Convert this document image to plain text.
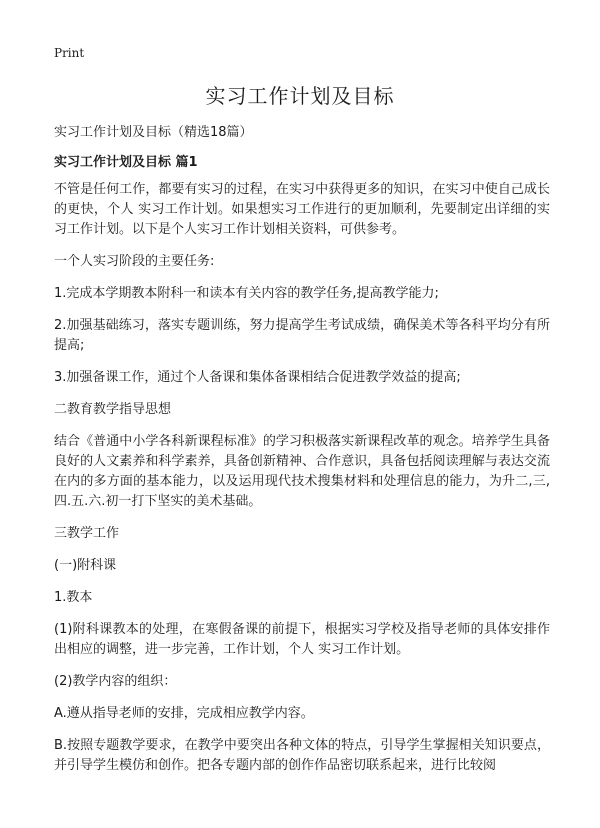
Print
实习工作计划及目标

实习工作计划及目标（精选18篇）

实习工作计划及目标 篇1

不管是任何工作，都要有实习的过程，在实习中获得更多的知识，在实习中使自己成长的更快，个人 实习工作计划。如果想实习工作进行的更加顺利，先要制定出详细的实习工作计划。以下是个人实习工作计划相关资料，可供参考。

一个人实习阶段的主要任务:

1.完成本学期教本附科一和读本有关内容的教学任务,提高教学能力;

2.加强基础练习，落实专题训练，努力提高学生考试成绩，确保美术等各科平均分有所提高;

3.加强备课工作，通过个人备课和集体备课相结合促进教学效益的提高;

二教育教学指导思想

结合《普通中小学各科新课程标准》的学习积极落实新课程改革的观念。培养学生具备良好的人文素养和科学素养，具备创新精神、合作意识，具备包括阅读理解与表达交流在内的多方面的基本能力，以及运用现代技术搜集材料和处理信息的能力，为升二,三,四.五.六.初一打下坚实的美术基础。

三教学工作

(一)附科课

1.教本

(1)附科课教本的处理，在寒假备课的前提下，根据实习学校及指导老师的具体安排作出相应的调整，进一步完善，工作计划，个人 实习工作计划。

(2)教学内容的组织：

A.遵从指导老师的安排，完成相应教学内容。

B.按照专题教学要求，在教学中要突出各种文体的特点，引导学生掌握相关知识要点，并引导学生模仿和创作。把各专题内部的创作作品密切联系起来，进行比较阅
